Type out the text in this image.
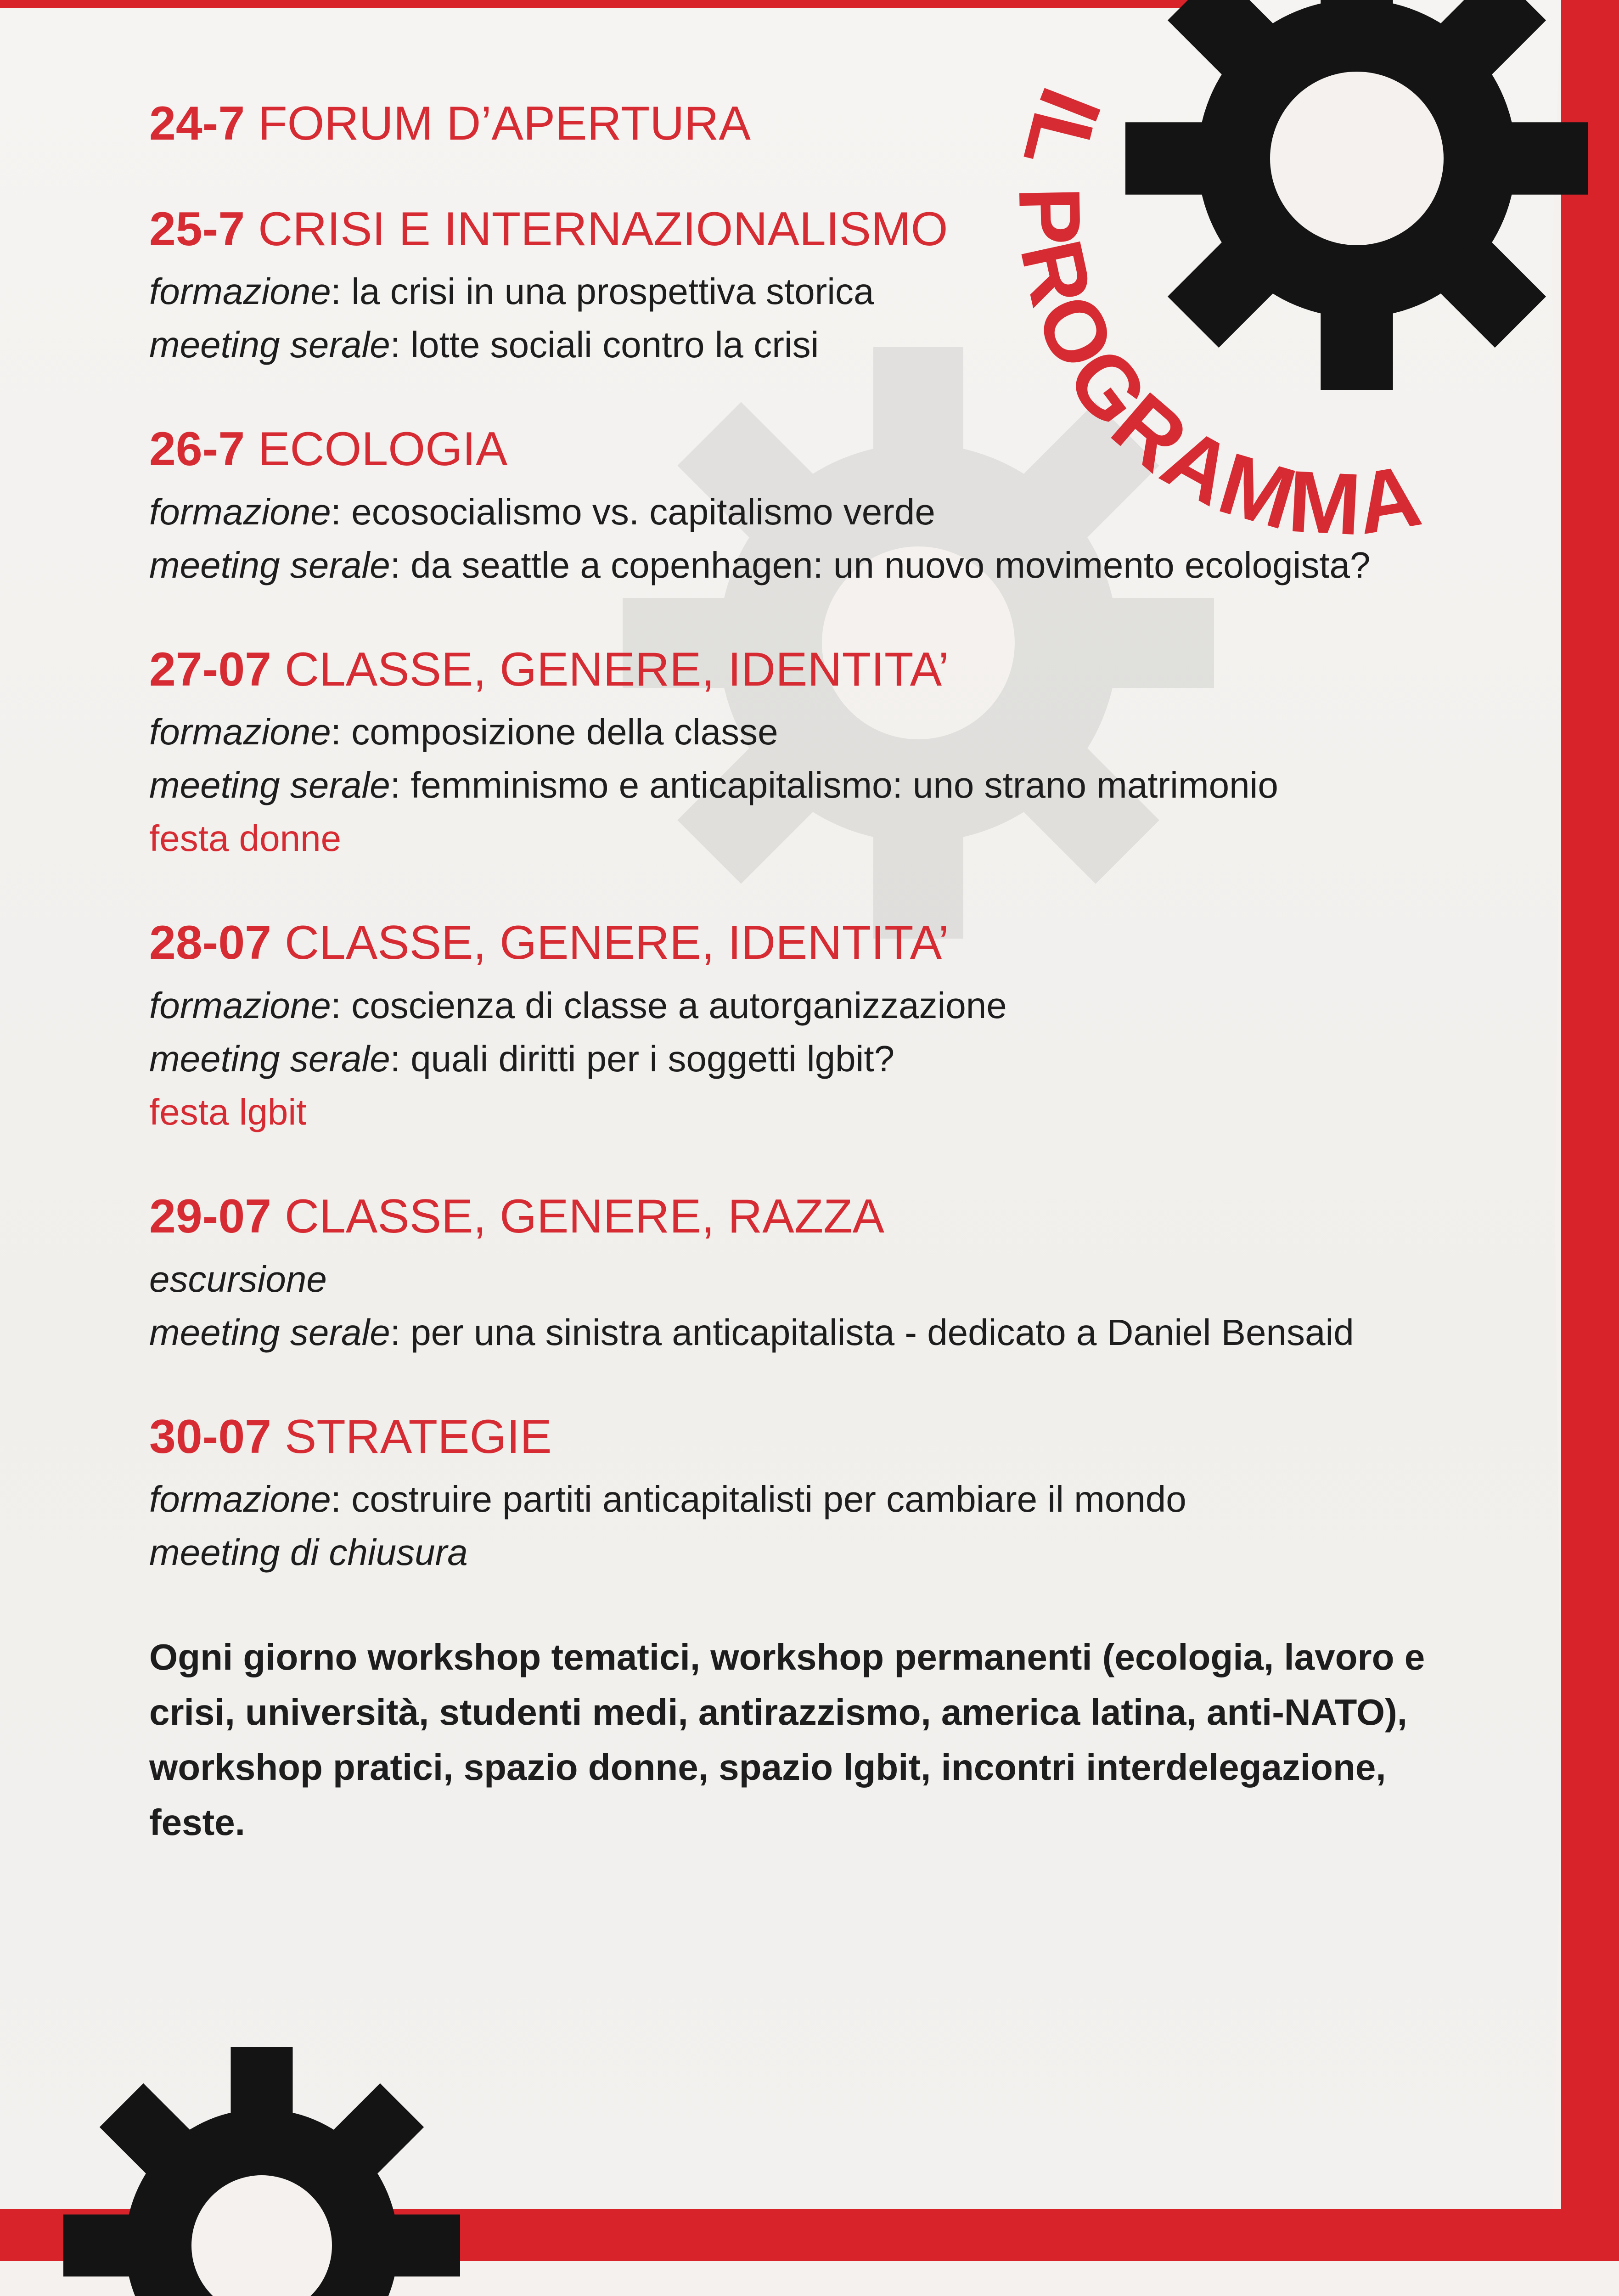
IL PROGRAMMA
24-7 FORUM D’APERTURA
25-7 CRISI E INTERNAZIONALISMO

formazione: la crisi in una prospettiva storica

meeting serale: lotte sociali contro la crisi

26-7 ECOLOGIA

formazione: ecosocialismo vs. capitalismo verde

meeting serale: da seattle a copenhagen: un nuovo movimento ecologista?

27-07 CLASSE, GENERE, IDENTITA’

formazione: composizione della classe

meeting serale: femminismo e anticapitalismo: uno strano matrimonio

festa donne

28-07 CLASSE, GENERE, IDENTITA’

formazione: coscienza di classe a autorganizzazione

meeting serale: quali diritti per i soggetti lgbit?

festa lgbit

29-07 CLASSE, GENERE, RAZZA

escursione

meeting serale: per una sinistra anticapitalista - dedicato a Daniel Bensaid

30-07 STRATEGIE

formazione: costruire partiti anticapitalisti per cambiare il mondo

meeting di chiusura

Ogni giorno workshop tematici, workshop permanenti (ecologia, lavoro e crisi, università, studenti medi, antirazzismo, america latina, anti-NATO), workshop pratici, spazio donne, spazio lgbit, incontri interdelegazione, feste.
